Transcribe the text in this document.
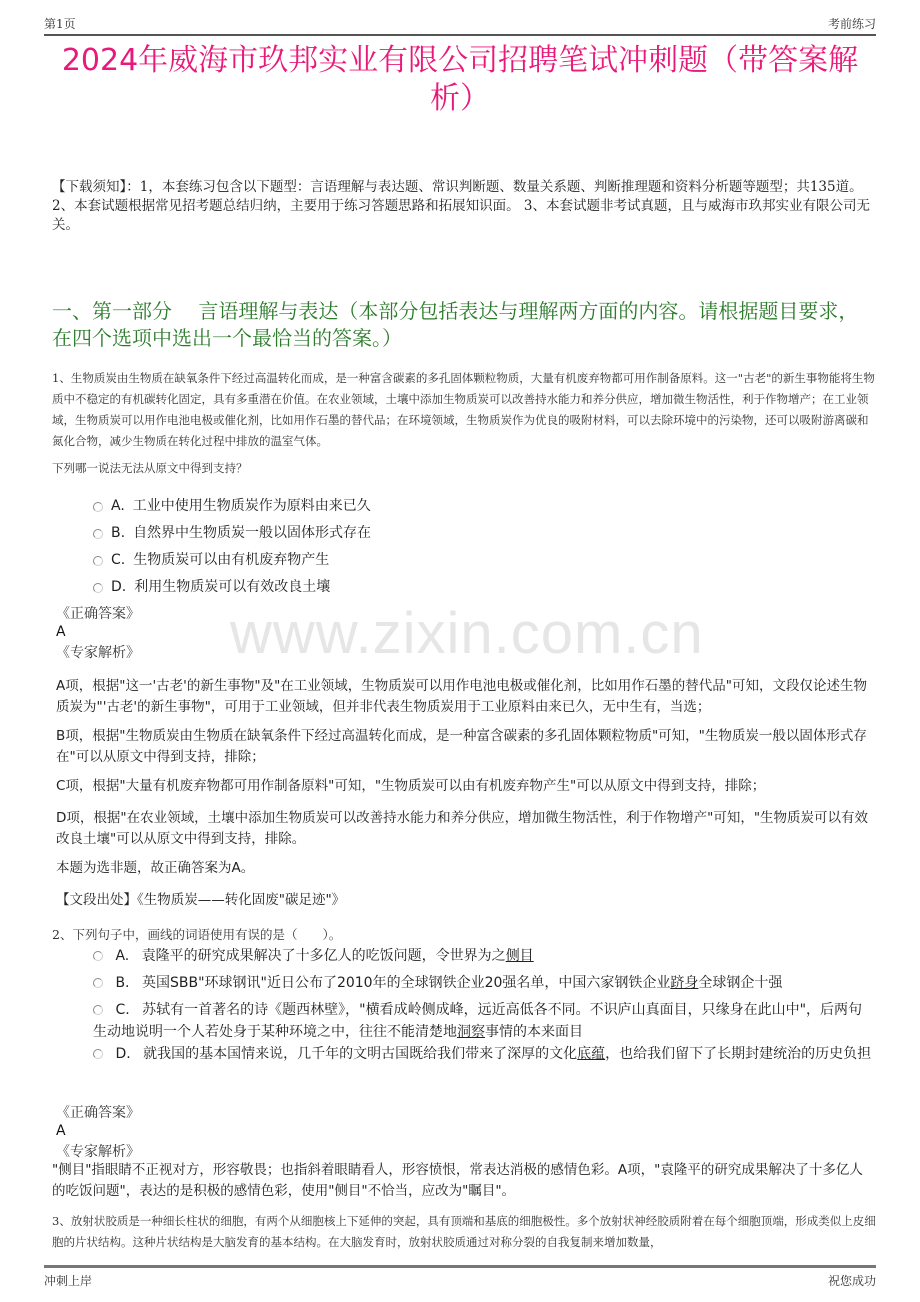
第1页	考前练习
2024年威海市玖邦实业有限公司招聘笔试冲刺题（带答案解析）
【下载须知】：1，本套练习包含以下题型：言语理解与表达题、常识判断题、数量关系题、判断推理题和资料分析题等题型；共135道。 2、本套试题根据常见招考题总结归纳，主要用于练习答题思路和拓展知识面。 3、本套试题非考试真题，且与威海市玖邦实业有限公司无关。
一、第一部分　 言语理解与表达（本部分包括表达与理解两方面的内容。请根据题目要求，在四个选项中选出一个最恰当的答案。）
1、生物质炭由生物质在缺氧条件下经过高温转化而成，是一种富含碳素的多孔固体颗粒物质，大量有机废弃物都可用作制备原料。这一"古老"的新生事物能将生物质中不稳定的有机碳转化固定，具有多重潜在价值。在农业领域，土壤中添加生物质炭可以改善持水能力和养分供应，增加微生物活性，利于作物增产；在工业领域，生物质炭可以用作电池电极或催化剂，比如用作石墨的替代品；在环境领域，生物质炭作为优良的吸附材料，可以去除环境中的污染物，还可以吸附游离碳和氮化合物，减少生物质在转化过程中排放的温室气体。
下列哪一说法无法从原文中得到支持？
A. 工业中使用生物质炭作为原料由来已久
B. 自然界中生物质炭一般以固体形式存在
C. 生物质炭可以由有机废弃物产生
D. 利用生物质炭可以有效改良土壤
www.zixin.com.cn
《正确答案》
A
《专家解析》
A项，根据"这一'古老'的新生事物"及"在工业领域，生物质炭可以用作电池电极或催化剂，比如用作石墨的替代品"可知，文段仅论述生物质炭为"'古老'的新生事物"，可用于工业领域，但并非代表生物质炭用于工业原料由来已久，无中生有，当选；
B项，根据"生物质炭由生物质在缺氧条件下经过高温转化而成，是一种富含碳素的多孔固体颗粒物质"可知，"生物质炭一般以固体形式存在"可以从原文中得到支持，排除；
C项，根据"大量有机废弃物都可用作制备原料"可知，"生物质炭可以由有机废弃物产生"可以从原文中得到支持，排除；
D项，根据"在农业领域，土壤中添加生物质炭可以改善持水能力和养分供应，增加微生物活性，利于作物增产"可知，"生物质炭可以有效改良土壤"可以从原文中得到支持，排除。
本题为选非题，故正确答案为A。
【文段出处】《生物质炭——转化固废"碳足迹"》
2、下列句子中，画线的词语使用有误的是（　　）。
A. 袁隆平的研究成果解决了十多亿人的吃饭问题，令世界为之侧目
B. 英国SBB"环球钢讯"近日公布了2010年的全球钢铁企业20强名单，中国六家钢铁企业跻身全球钢企十强
C. 苏轼有一首著名的诗《题西林壁》，"横看成岭侧成峰，远近高低各不同。不识庐山真面目，只缘身在此山中"，后两句生动地说明一个人若处身于某种环境之中，往往不能清楚地洞察事情的本来面目
D. 就我国的基本国情来说，几千年的文明古国既给我们带来了深厚的文化底蕴，也给我们留下了长期封建统治的历史负担
《正确答案》
A
《专家解析》
"侧目"指眼睛不正视对方，形容敬畏；也指斜着眼睛看人，形容愤恨，常表达消极的感情色彩。A项，"袁隆平的研究成果解决了十多亿人的吃饭问题"，表达的是积极的感情色彩，使用"侧目"不恰当，应改为"瞩目"。
3、放射状胶质是一种细长柱状的细胞，有两个从细胞核上下延伸的突起，具有顶端和基底的细胞极性。多个放射状神经胶质附着在每个细胞顶端，形成类似上皮细胞的片状结构。这种片状结构是大脑发育的基本结构。在大脑发育时，放射状胶质通过对称分裂的自我复制来增加数量，
冲刺上岸	祝您成功
